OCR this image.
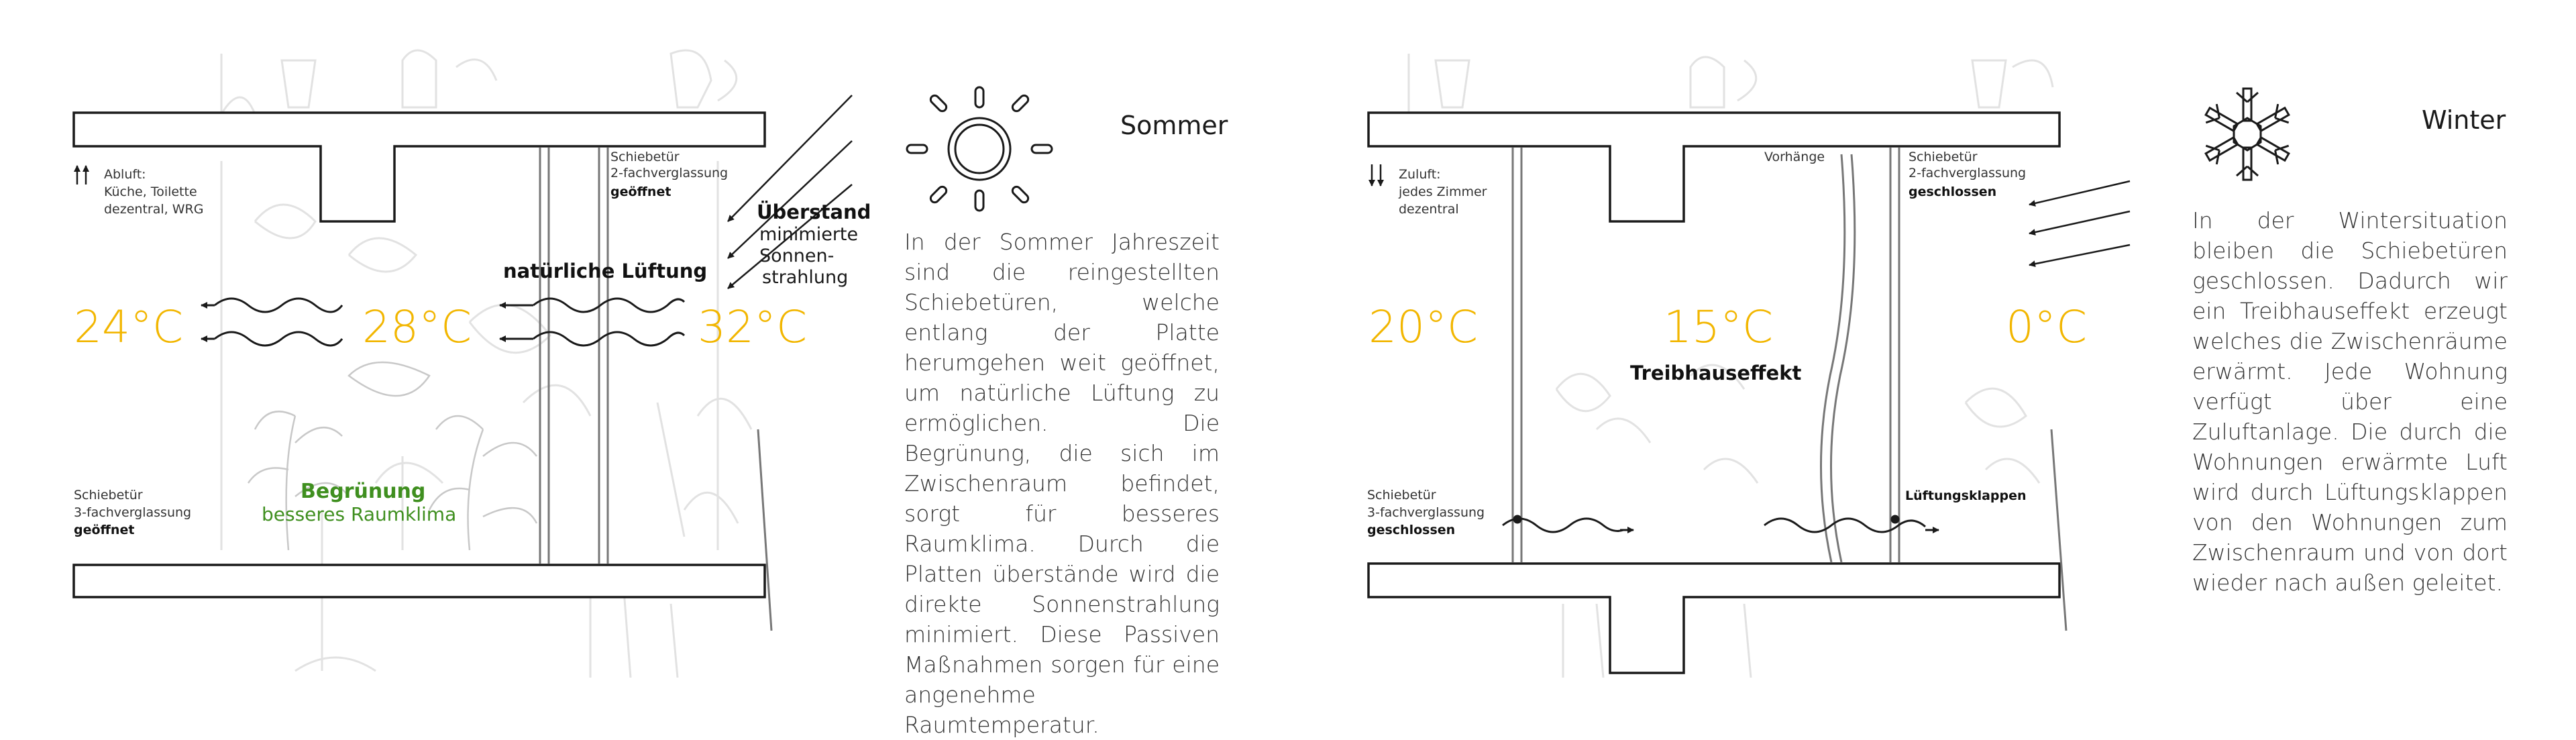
24°C	28°C	32°C
Abluft:
Küche, Toilette
dezentral, WRG
Schiebetür
2-fachverglassung
geöffnet
Schiebetür
3-fachverglassung
geöffnet
Überstand
minimierte
Sonnen-
strahlung
natürliche Lüftung
Begrünung
besseres Raumklima
Sommer
20°C	15°C	0°C
Zuluft:
jedes Zimmer
dezentral
Vorhänge	Schiebetür
2-fachverglassung
geschlossen
Schiebetür
3-fachverglassung
geschlossen
Treibhauseffekt
Lüftungsklappen
Winter
In der Sommer Jahreszeit sind die reingestellten Schiebetüren, welche entlang der Platte herumgehen weit geöffnet, um natürliche Lüftung zu ermöglichen. Die Begrünung, die sich im Zwischenraum befindet, sorgt für besseres Raumklima. Durch die Platten überstände wird die direkte Sonnenstrahlung minimiert. Diese Passiven Maßnahmen sorgen für eine angenehme Raumtemperatur.
In der Wintersituation bleiben die Schiebetüren geschlossen. Dadurch wir ein Treibhauseffekt erzeugt welches die Zwischenräume erwärmt. Jede Wohnung verfügt über eine Zuluftanlage. Die durch die Wohnungen erwärmte Luft wird durch Lüftungsklappen von den Wohnungen zum Zwischenraum und von dort wieder nach außen geleitet.
